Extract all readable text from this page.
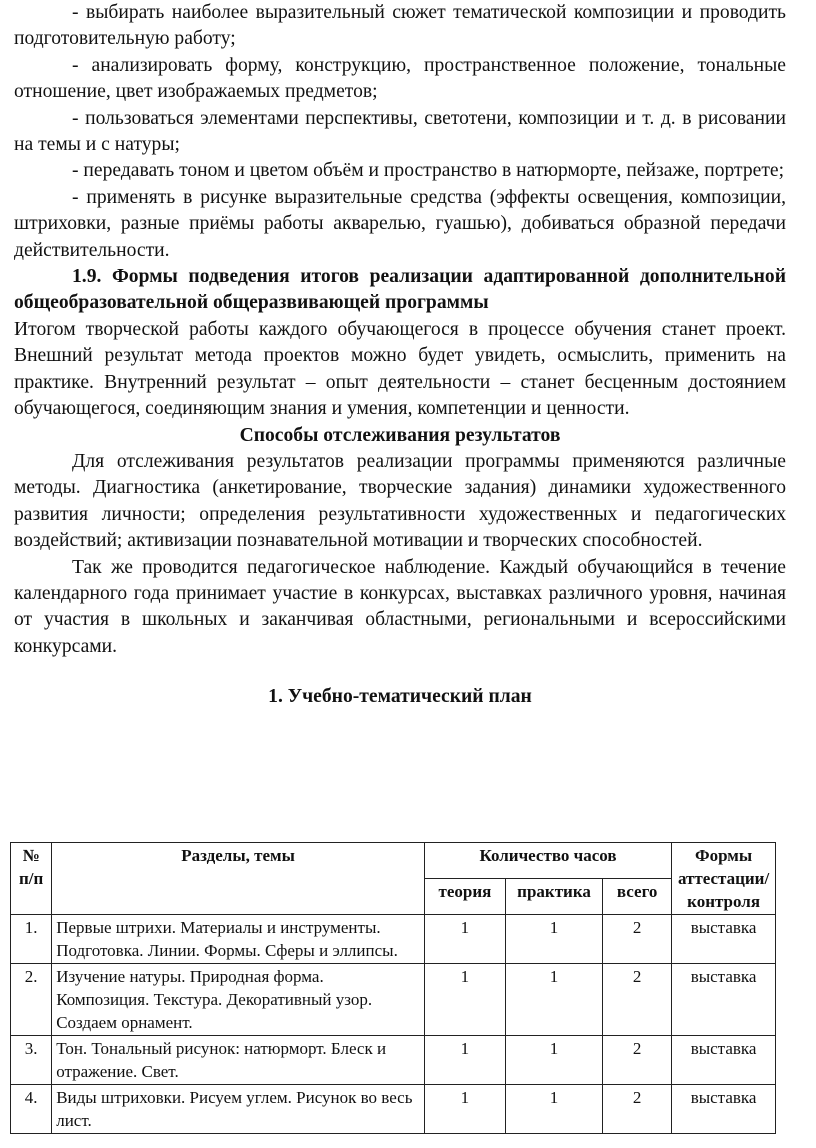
- выбирать наиболее выразительный сюжет тематической композиции и проводить подготовительную работу;

- анализировать форму, конструкцию, пространственное положение, тональные отношение, цвет изображаемых предметов;

- пользоваться элементами перспективы, светотени, композиции и т. д. в рисовании на темы и с натуры;

- передавать тоном и цветом объём и пространство в натюрморте, пейзаже, портрете;

- применять в рисунке выразительные средства (эффекты освещения, композиции, штриховки, разные приёмы работы акварелью, гуашью), добиваться образной передачи действительности.

1.9. Формы подведения итогов реализации адаптированной дополнительной общеобразовательной общеразвивающей программы

Итогом творческой работы каждого обучающегося в процессе обучения станет проект. Внешний результат метода проектов можно будет увидеть, осмыслить, применить на практике. Внутренний результат – опыт деятельности – станет бесценным достоянием обучающегося, соединяющим знания и умения, компетенции и ценности.

Способы отслеживания результатов

Для отслеживания результатов реализации программы применяются различные методы. Диагностика (анкетирование, творческие задания) динамики художественного развития личности; определения результативности художественных и педагогических воздействий; активизации познавательной мотивации и творческих способностей.

Так же проводится педагогическое наблюдение. Каждый обучающийся в течение календарного года принимает участие в конкурсах, выставках различного уровня, начиная от участия в школьных и заканчивая областными, региональными и всероссийскими конкурсами.

1. Учебно-тематический план
№ п/п	Разделы, темы	Количество часов			Формы аттестации/ контроля
		теория	практика	всего	
1.	Первые штрихи. Материалы и инструменты. Подготовка. Линии. Формы. Сферы и эллипсы.	1	1	2	выставка
2.	Изучение натуры. Природная форма. Композиция. Текстура. Декоративный узор. Создаем орнамент.	1	1	2	выставка
3.	Тон. Тональный рисунок: натюрморт. Блеск и отражение. Свет.	1	1	2	выставка
4.	Виды штриховки. Рисуем углем. Рисунок во весь лист.	1	1	2	выставка
